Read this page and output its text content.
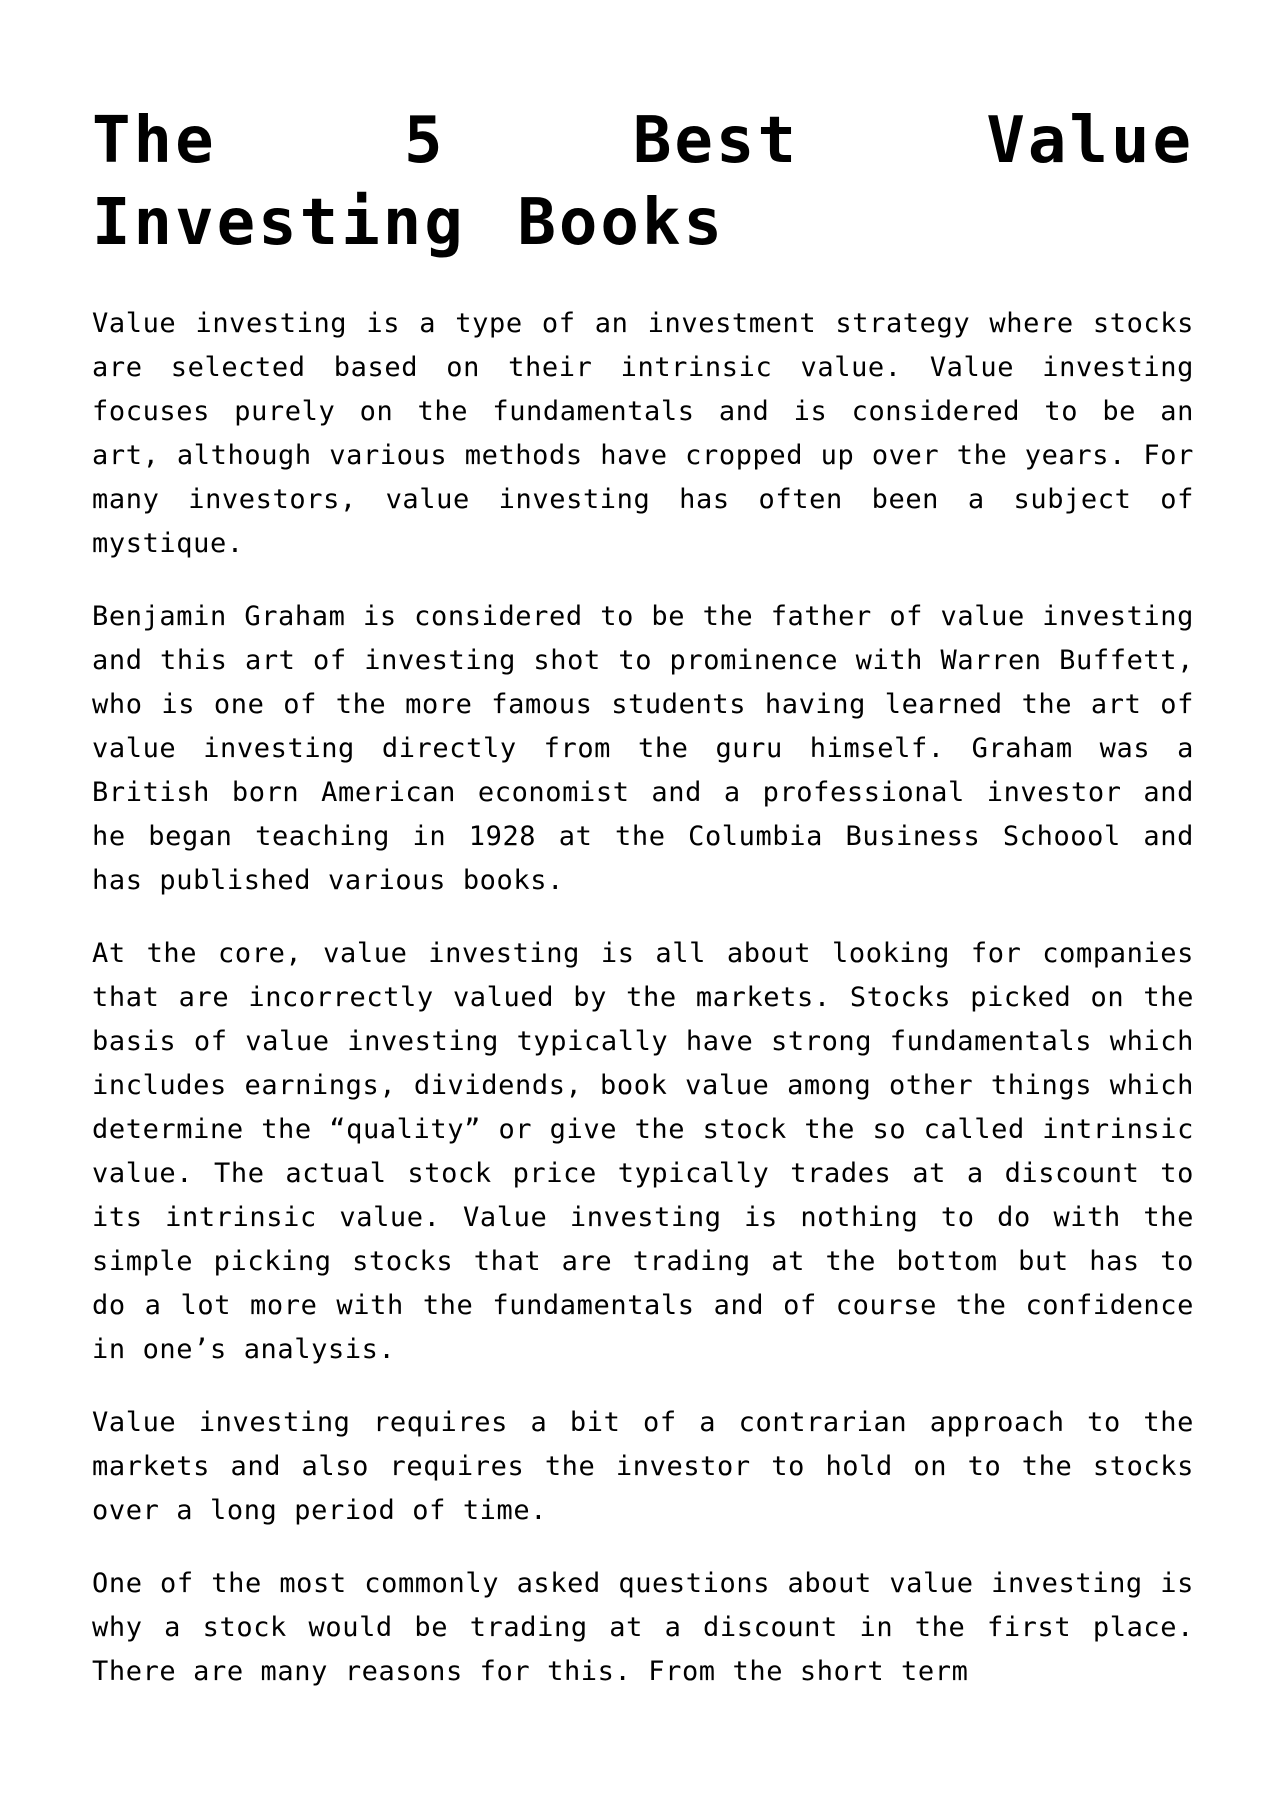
The 5 Best Value Investing Books

Value investing is a type of an investment strategy where stocks are selected based on their intrinsic value. Value investing focuses purely on the fundamentals and is considered to be an art, although various methods have cropped up over the years. For many investors, value investing has often been a subject of mystique.

Benjamin Graham is considered to be the father of value investing and this art of investing shot to prominence with Warren Buffett, who is one of the more famous students having learned the art of value investing directly from the guru himself. Graham was a British born American economist and a professional investor and he began teaching in 1928 at the Columbia Business Schoool and has published various books.

At the core, value investing is all about looking for companies that are incorrectly valued by the markets. Stocks picked on the basis of value investing typically have strong fundamentals which includes earnings, dividends, book value among other things which determine the “quality” or give the stock the so called intrinsic value. The actual stock price typically trades at a discount to its intrinsic value. Value investing is nothing to do with the simple picking stocks that are trading at the bottom but has to do a lot more with the fundamentals and of course the confidence in one’s analysis.

Value investing requires a bit of a contrarian approach to the markets and also requires the investor to hold on to the stocks over a long period of time.

One of the most commonly asked questions about value investing is why a stock would be trading at a discount in the first place. There are many reasons for this. From the short term
